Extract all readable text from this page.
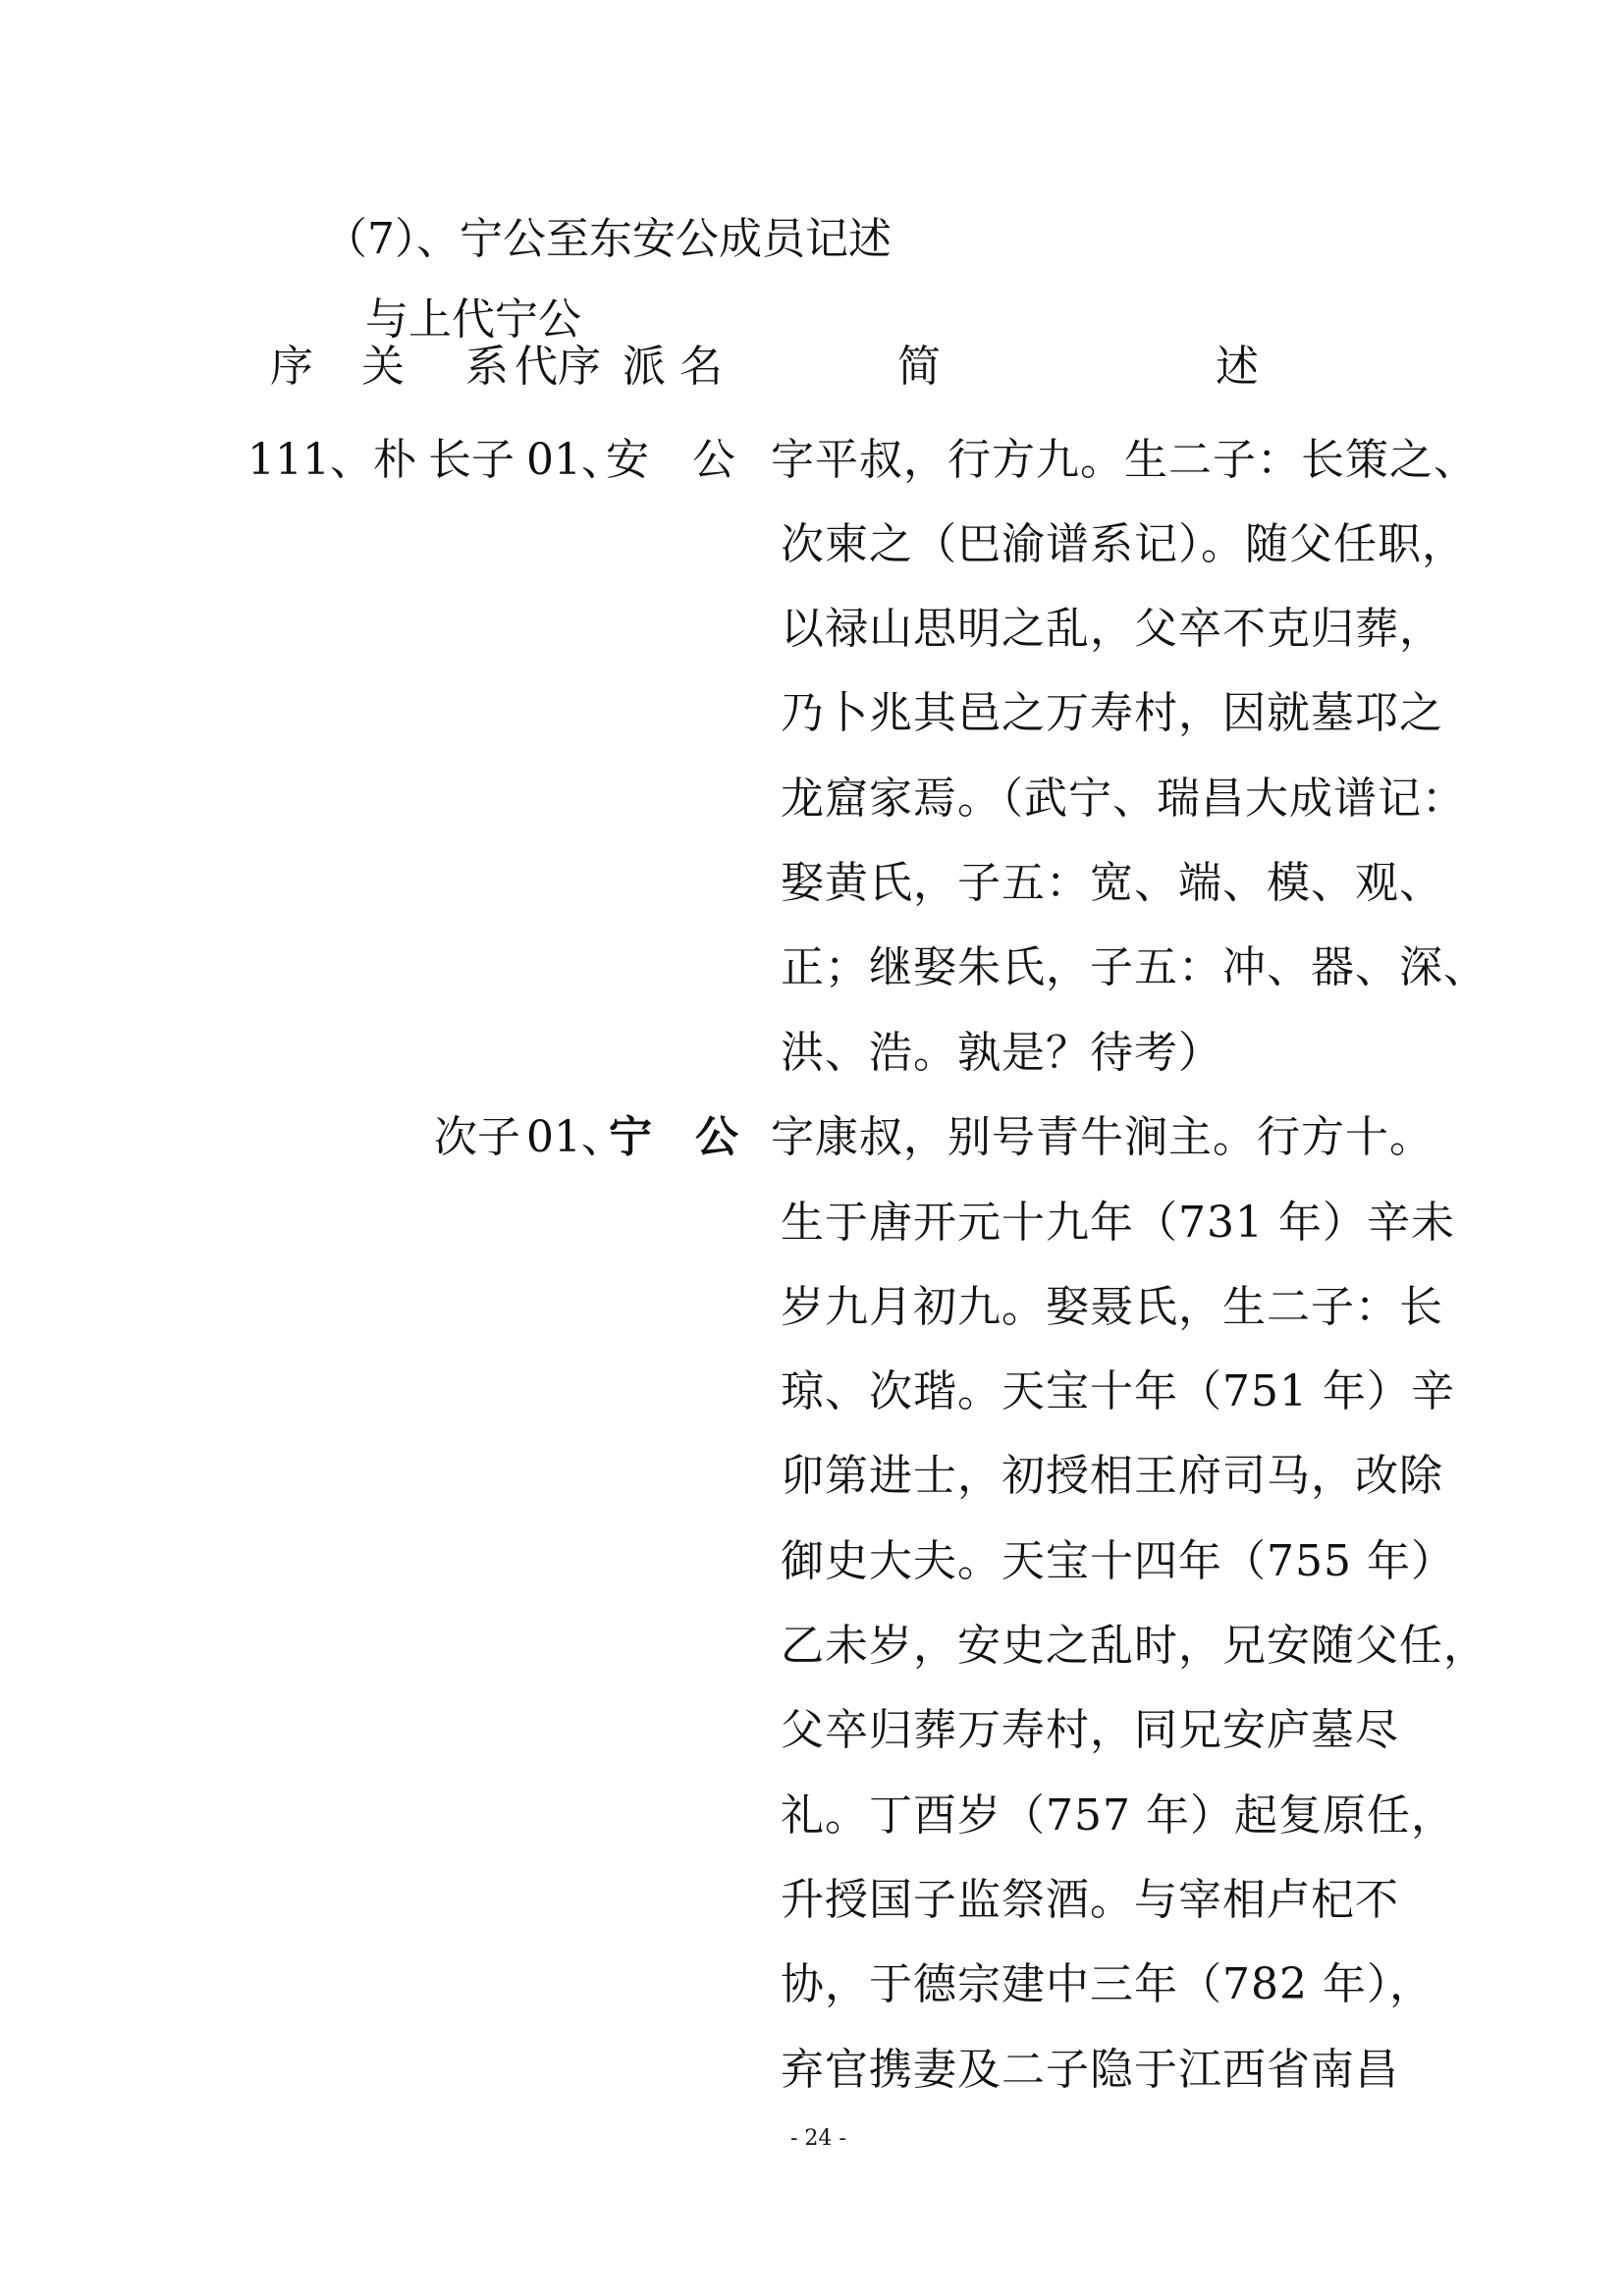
（7）、宁公至东安公成员记述
与上代宁公
序 关 系 代序 派 名	简	述
111、朴 长子 01、
安　公 字平叔，行方九。生二子：长策之、
次柬之（巴渝谱系记）。随父任职，
以禄山思明之乱，父卒不克归葬，
乃卜兆其邑之万寿村，因就墓邛之
龙窟家焉。（武宁、瑞昌大成谱记：
娶黄氏，子五：宽、端、模、观、
正；继娶朱氏，子五：冲、器、深、
洪、浩。孰是？待考）
次子 01、
宁　公 字康叔，别号青牛涧主。行方十。
生于唐开元十九年（731 年）辛未
岁九月初九。娶聂氏，生二子：长
琼、次瑎。天宝十年（751 年）辛
卯第进士，初授相王府司马，改除
御史大夫。天宝十四年（755 年）
乙未岁，安史之乱时，兄安随父任，
父卒归葬万寿村，同兄安庐墓尽
礼。丁酉岁（757 年）起复原任，
升授国子监祭酒。与宰相卢杞不
协，于德宗建中三年（782 年），
弃官携妻及二子隐于江西省南昌
- 24 -
